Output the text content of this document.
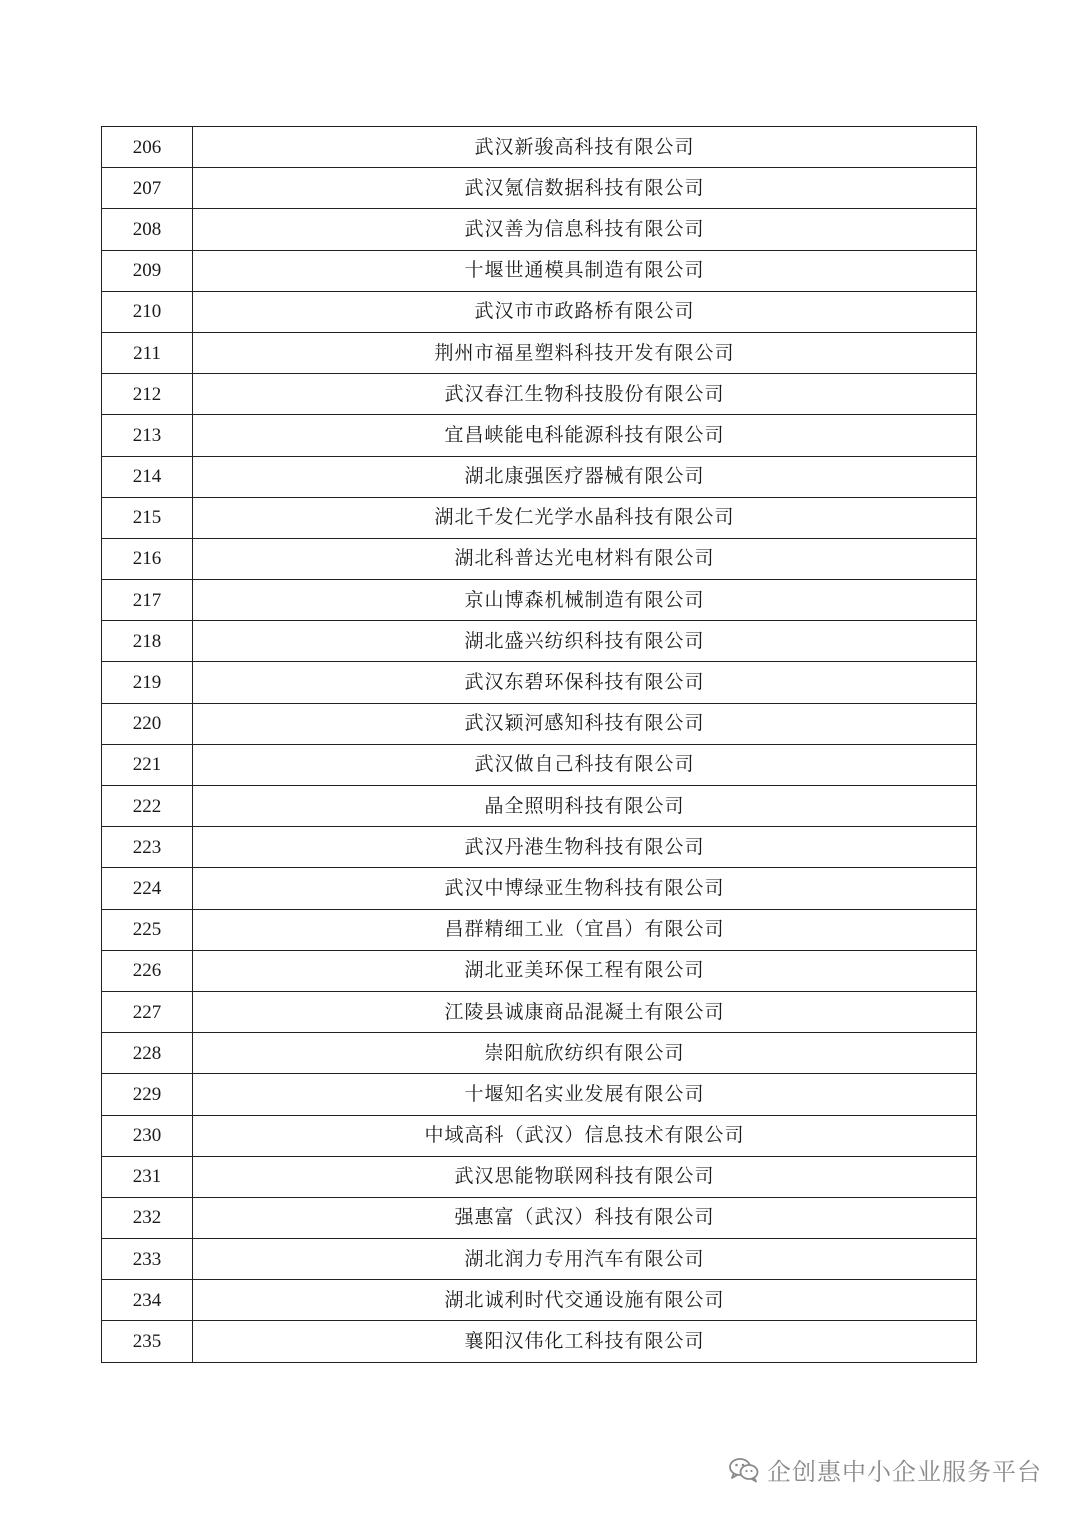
206	武汉新骏高科技有限公司
207	武汉氪信数据科技有限公司
208	武汉善为信息科技有限公司
209	十堰世通模具制造有限公司
210	武汉市市政路桥有限公司
211	荆州市福星塑料科技开发有限公司
212	武汉春江生物科技股份有限公司
213	宜昌峡能电科能源科技有限公司
214	湖北康强医疗器械有限公司
215	湖北千发仁光学水晶科技有限公司
216	湖北科普达光电材料有限公司
217	京山博森机械制造有限公司
218	湖北盛兴纺织科技有限公司
219	武汉东碧环保科技有限公司
220	武汉颖河感知科技有限公司
221	武汉做自己科技有限公司
222	晶全照明科技有限公司
223	武汉丹港生物科技有限公司
224	武汉中博绿亚生物科技有限公司
225	昌群精细工业（宜昌）有限公司
226	湖北亚美环保工程有限公司
227	江陵县诚康商品混凝土有限公司
228	崇阳航欣纺织有限公司
229	十堰知名实业发展有限公司
230	中域高科（武汉）信息技术有限公司
231	武汉思能物联网科技有限公司
232	强惠富（武汉）科技有限公司
233	湖北润力专用汽车有限公司
234	湖北诚利时代交通设施有限公司
235	襄阳汉伟化工科技有限公司
企创惠中小企业服务平台
